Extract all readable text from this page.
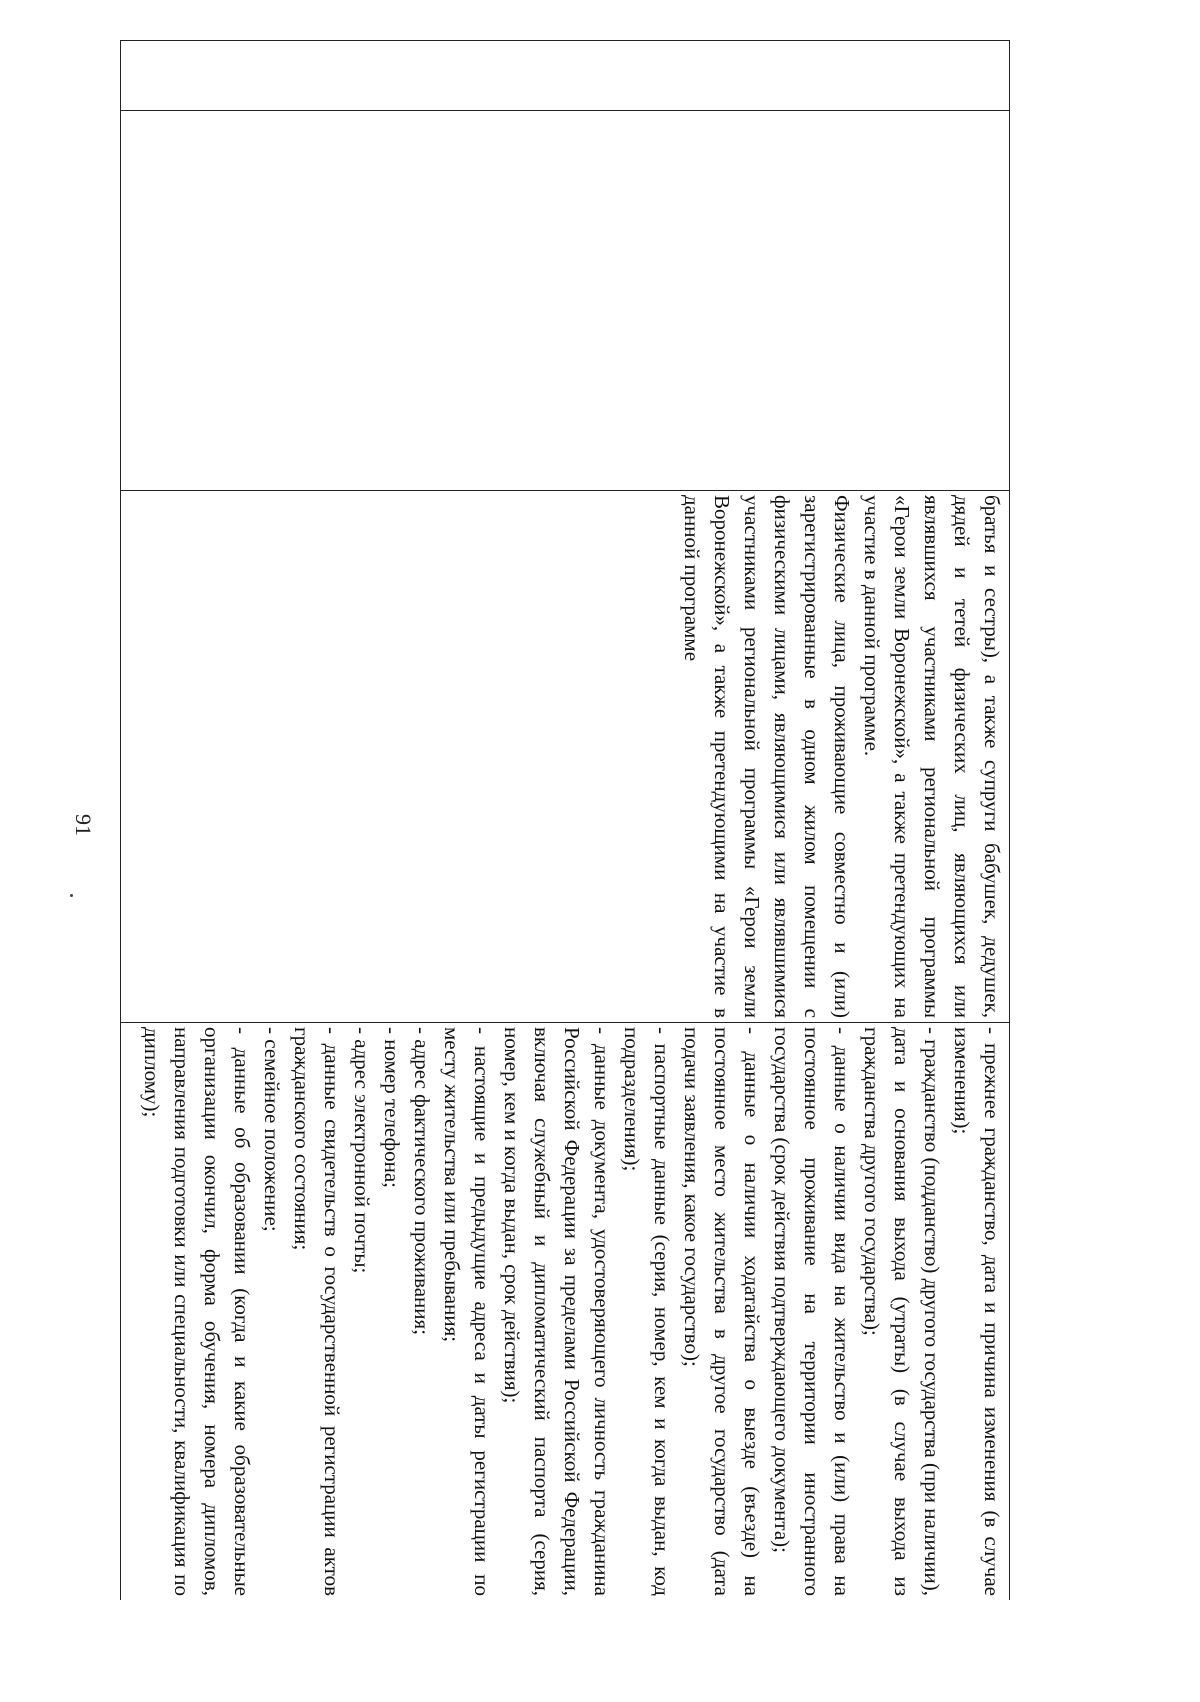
91
			братья и сестры), а также супруги бабушек, дедушек, дядей и тетей физических лиц, являющихся или являвшихся участниками региональной программы «Герои земли Воронежской», а также претендующих на участие в данной программе.

Физические лица, проживающие совместно и (или) зарегистрированные в одном жилом помещении с физическими лицами, являющимися или являвшимися участниками региональной программы «Герои земли Воронежской», а также претендующими на участие в данной программе

- прежнее гражданство, дата и причина изменения (в случае изменения);

- гражданство (подданство) другого государства (при наличии), дата и основания выхода (утраты) (в случае выхода из гражданства другого государства);

- данные о наличии вида на жительство и (или) права на постоянное проживание на территории иностранного государства (срок действия подтверждающего документа);

- данные о наличии ходатайства о выезде (въезде) на постоянное место жительства в другое государство (дата подачи заявления, какое государство);

- паспортные данные (серия, номер, кем и когда выдан, код подразделения);

- данные документа, удостоверяющего личность гражданина Российской Федерации за пределами Российской Федерации, включая служебный и дипломатический паспорта (серия, номер, кем и когда выдан, срок действия);

- настоящие и предыдущие адреса и даты регистрации по месту жительства или пребывания;

- адрес фактического проживания;

- номер телефона;

- адрес электронной почты;

- данные свидетельств о государственной регистрации актов гражданского состояния;

- семейное положение;

- данные об образовании (когда и какие образовательные организации окончил, форма обучения, номера дипломов, направления подготовки или специальности, квалификация по диплому);
